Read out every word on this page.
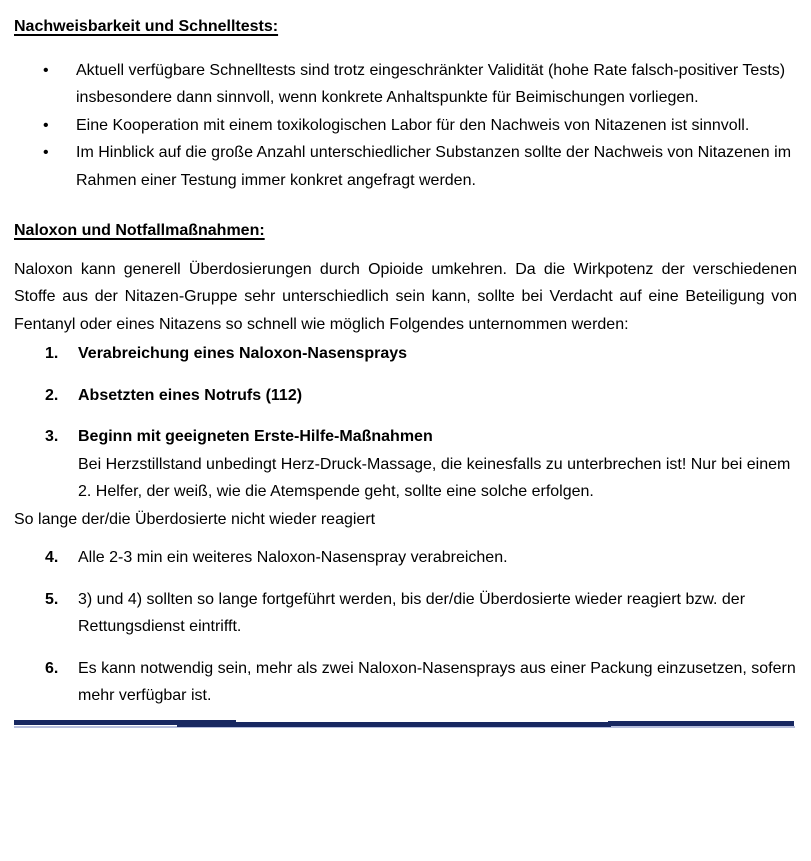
Nachweisbarkeit und Schnelltests:
• Aktuell verfügbare Schnelltests sind trotz eingeschränkter Validität (hohe Rate falsch-positiver Tests) insbesondere dann sinnvoll, wenn konkrete Anhaltspunkte für Beimischungen vorliegen.
• Eine Kooperation mit einem toxikologischen Labor für den Nachweis von Nitazenen ist sinnvoll.
• Im Hinblick auf die große Anzahl unterschiedlicher Substanzen sollte der Nachweis von Nitazenen im Rahmen einer Testung immer konkret angefragt werden.
Naloxon und Notfallmaßnahmen:

Naloxon kann generell Überdosierungen durch Opioide umkehren. Da die Wirkpotenz der verschiedenen Stoffe aus der Nitazen-Gruppe sehr unterschiedlich sein kann, sollte bei Verdacht auf eine Beteiligung von Fentanyl oder eines Nitazens so schnell wie möglich Folgendes unternommen werden:

1. Verabreichung eines Naloxon-Nasensprays
2. Absetzten eines Notrufs (112)
3. Beginn mit geeigneten Erste-Hilfe-Maßnahmen
Bei Herzstillstand unbedingt Herz-Druck-Massage, die keinesfalls zu unterbrechen ist! Nur bei einem 2. Helfer, der weiß, wie die Atemspende geht, sollte eine solche erfolgen.

So lange der/die Überdosierte nicht wieder reagiert

4. Alle 2-3 min ein weiteres Naloxon-Nasenspray verabreichen.
5. 3) und 4) sollten so lange fortgeführt werden, bis der/die Überdosierte wieder reagiert bzw. der Rettungsdienst eintrifft.
6. Es kann notwendig sein, mehr als zwei Naloxon-Nasensprays aus einer Packung einzusetzen, sofern mehr verfügbar ist.
